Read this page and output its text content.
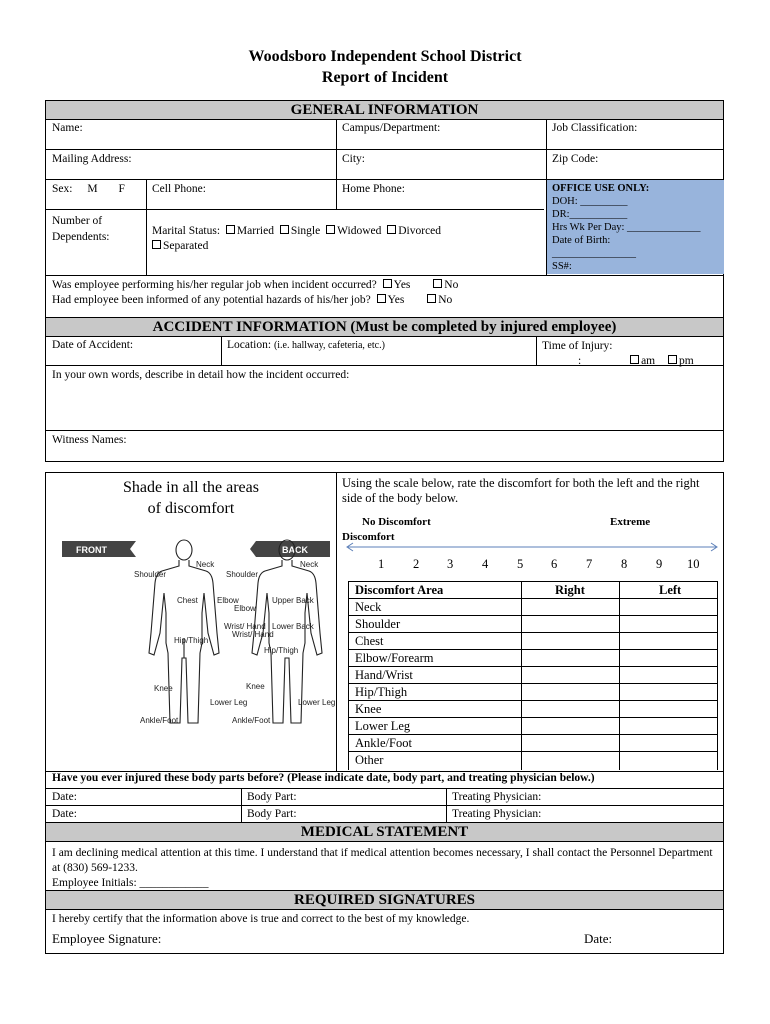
Woodsboro Independent School District
Report of Incident
GENERAL INFORMATION
Name:	Campus/Department:	Job Classification:
Mailing Address:	City:	Zip Code:
Sex: M F	Cell Phone:	Home Phone:
Number of Dependents:	Marital Status: Married Single Widowed Divorced
Separated
OFFICE USE ONLY:
DOH: _________
DR:___________
Hrs Wk Per Day: ______________
Date of Birth:
________________
SS#:
Was employee performing his/her regular job when incident occurred? Yes	No
Had employee been informed of any potential hazards of his/her job? Yes	No
ACCIDENT INFORMATION (Must be completed by injured employee)
Date of Accident:	Location: (i.e. hallway, cafeteria, etc.)	Time of Injury:
:	am pm
In your own words, describe in detail how the incident occurred:
Witness Names:
Shade in all the areas
of discomfort
FRONT	BACK
Neck
Shoulder
Chest Elbow
Wrist/ Hand
Hip/Thigh
Knee
Lower Leg
Ankle/Foot
Neck
Shoulder
Upper Back
Elbow
Lower Back
Wrist/ Hand
Hip/Thigh
Knee
Lower Leg
Ankle/Foot
Using the scale below, rate the discomfort for both the left and the right side of the body below.
No Discomfort	Extreme
Discomfort
1 2 3 4 5 6 7 8 9 10
Discomfort Area	Right	Left
Neck
Shoulder
Chest
Elbow/Forearm
Hand/Wrist
Hip/Thigh
Knee
Lower Leg
Ankle/Foot
Other
Have you ever injured these body parts before? (Please indicate date, body part, and treating physician below.)
Date:	Body Part:	Treating Physician:
Date:	Body Part:	Treating Physician:
MEDICAL STATEMENT
I am declining medical attention at this time. I understand that if medical attention becomes necessary, I shall contact the Personnel Department at (830) 569-1233.
Employee Initials: ____________
REQUIRED SIGNATURES
I hereby certify that the information above is true and correct to the best of my knowledge.
Employee Signature:	Date:
